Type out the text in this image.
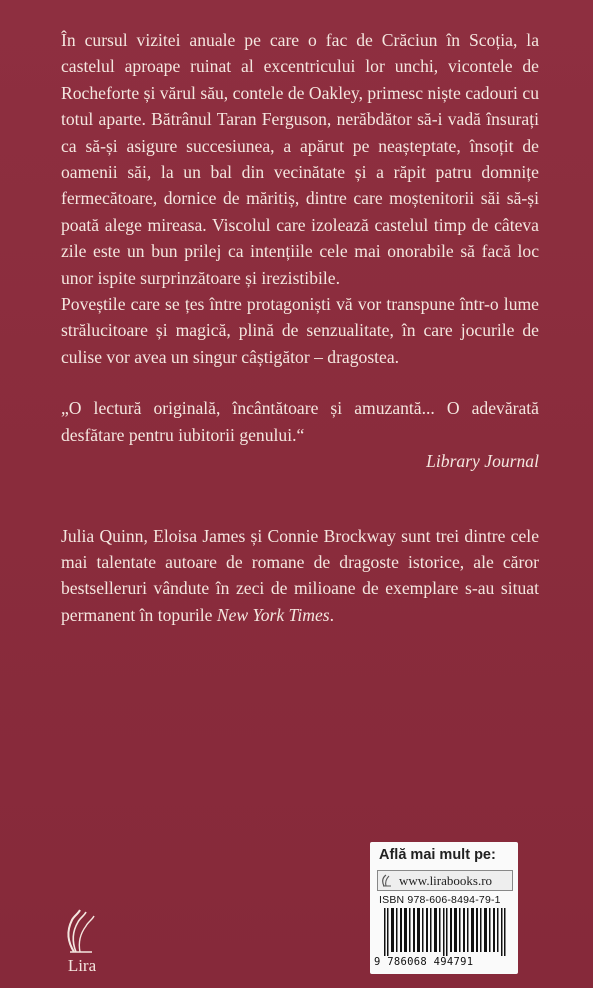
În cursul vizitei anuale pe care o fac de Crăciun în Scoția, la castelul aproape ruinat al excentricului lor unchi, vicontele de Rocheforte și vărul său, contele de Oakley, primesc niște cadouri cu totul aparte. Bătrânul Taran Ferguson, nerăbdător să-i vadă însurați ca să-și asigure succesiunea, a apărut pe neașteptate, însoțit de oamenii săi, la un bal din vecinătate și a răpit patru domnițe fermecătoare, dornice de măritiș, dintre care moștenitorii săi să-și poată alege mireasa. Viscolul care izolează castelul timp de câteva zile este un bun prilej ca intențiile cele mai onorabile să facă loc unor ispite surprinzătoare și irezistibile.

Poveștile care se țes între protagoniști vă vor transpune într-o lume strălucitoare și magică, plină de senzualitate, în care jocurile de culise vor avea un singur câștigător – dragostea.

„O lectură originală, încântătoare și amuzantă... O adevărată desfătare pentru iubitorii genului.“

Library Journal

Julia Quinn, Eloisa James și Connie Brockway sunt trei dintre cele mai talentate autoare de romane de dragoste istorice, ale căror bestselleruri vândute în zeci de milioane de exemplare s-au situat permanent în topurile New York Times.

Lira
Află mai mult pe:
www.lirabooks.ro
ISBN 978-606-8494-79-1
9 786068 494791
